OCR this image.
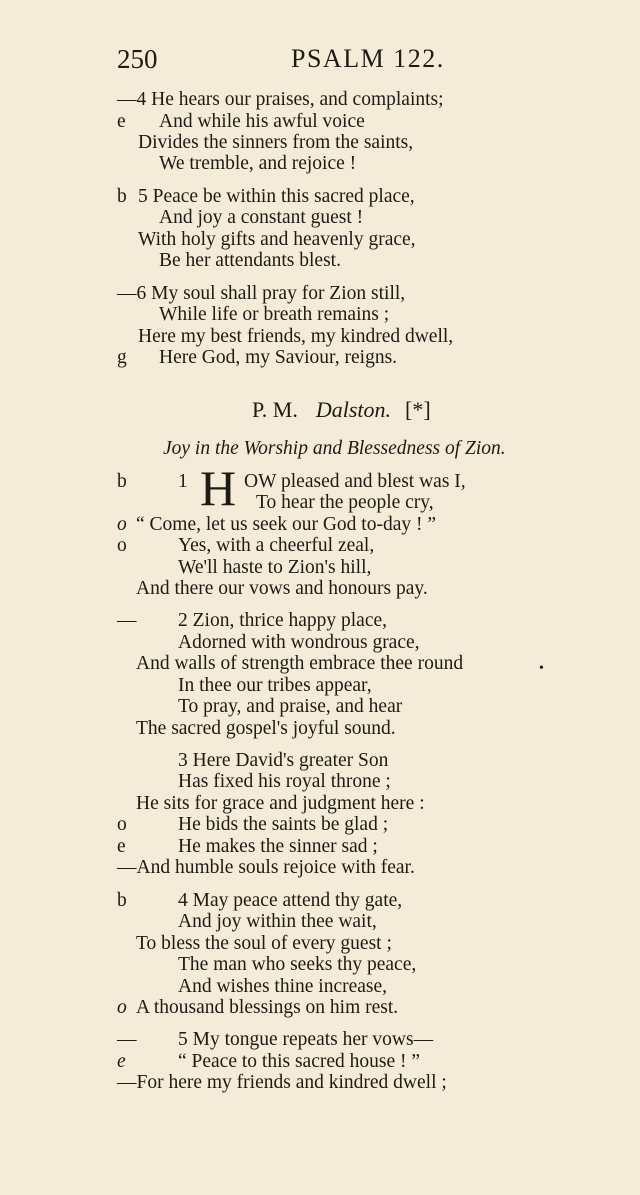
250	PSALM 122.
—4 He hears our praises, and complaints;
e And while his awful voice
Divides the sinners from the saints,
We tremble, and rejoice !
b 5 Peace be within this sacred place,
And joy a constant guest !
With holy gifts and heavenly grace,
Be her attendants blest.
—6 My soul shall pray for Zion still,
While life or breath remains ;
Here my best friends, my kindred dwell,
g Here God, my Saviour, reigns.
P. M. Dalston. [*]
Joy in the Worship and Blessedness of Zion.
b	1 H OW pleased and blest was I,
To hear the people cry,
o “ Come, let us seek our God to-day ! ”
o	Yes, with a cheerful zeal,
We'll haste to Zion's hill,
And there our vows and honours pay.
— 2 Zion, thrice happy place,
Adorned with wondrous grace,
And walls of strength embrace thee round	•
In thee our tribes appear,
To pray, and praise, and hear
The sacred gospel's joyful sound.
3 Here David's greater Son
Has fixed his royal throne ;
He sits for grace and judgment here :
o	He bids the saints be glad ;
e	He makes the sinner sad ;
—And humble souls rejoice with fear.
b	4 May peace attend thy gate,
And joy within thee wait,
To bless the soul of every guest ;
The man who seeks thy peace,
And wishes thine increase,
o A thousand blessings on him rest.
— 5 My tongue repeats her vows—
e	“ Peace to this sacred house ! ”
—For here my friends and kindred dwell ;
